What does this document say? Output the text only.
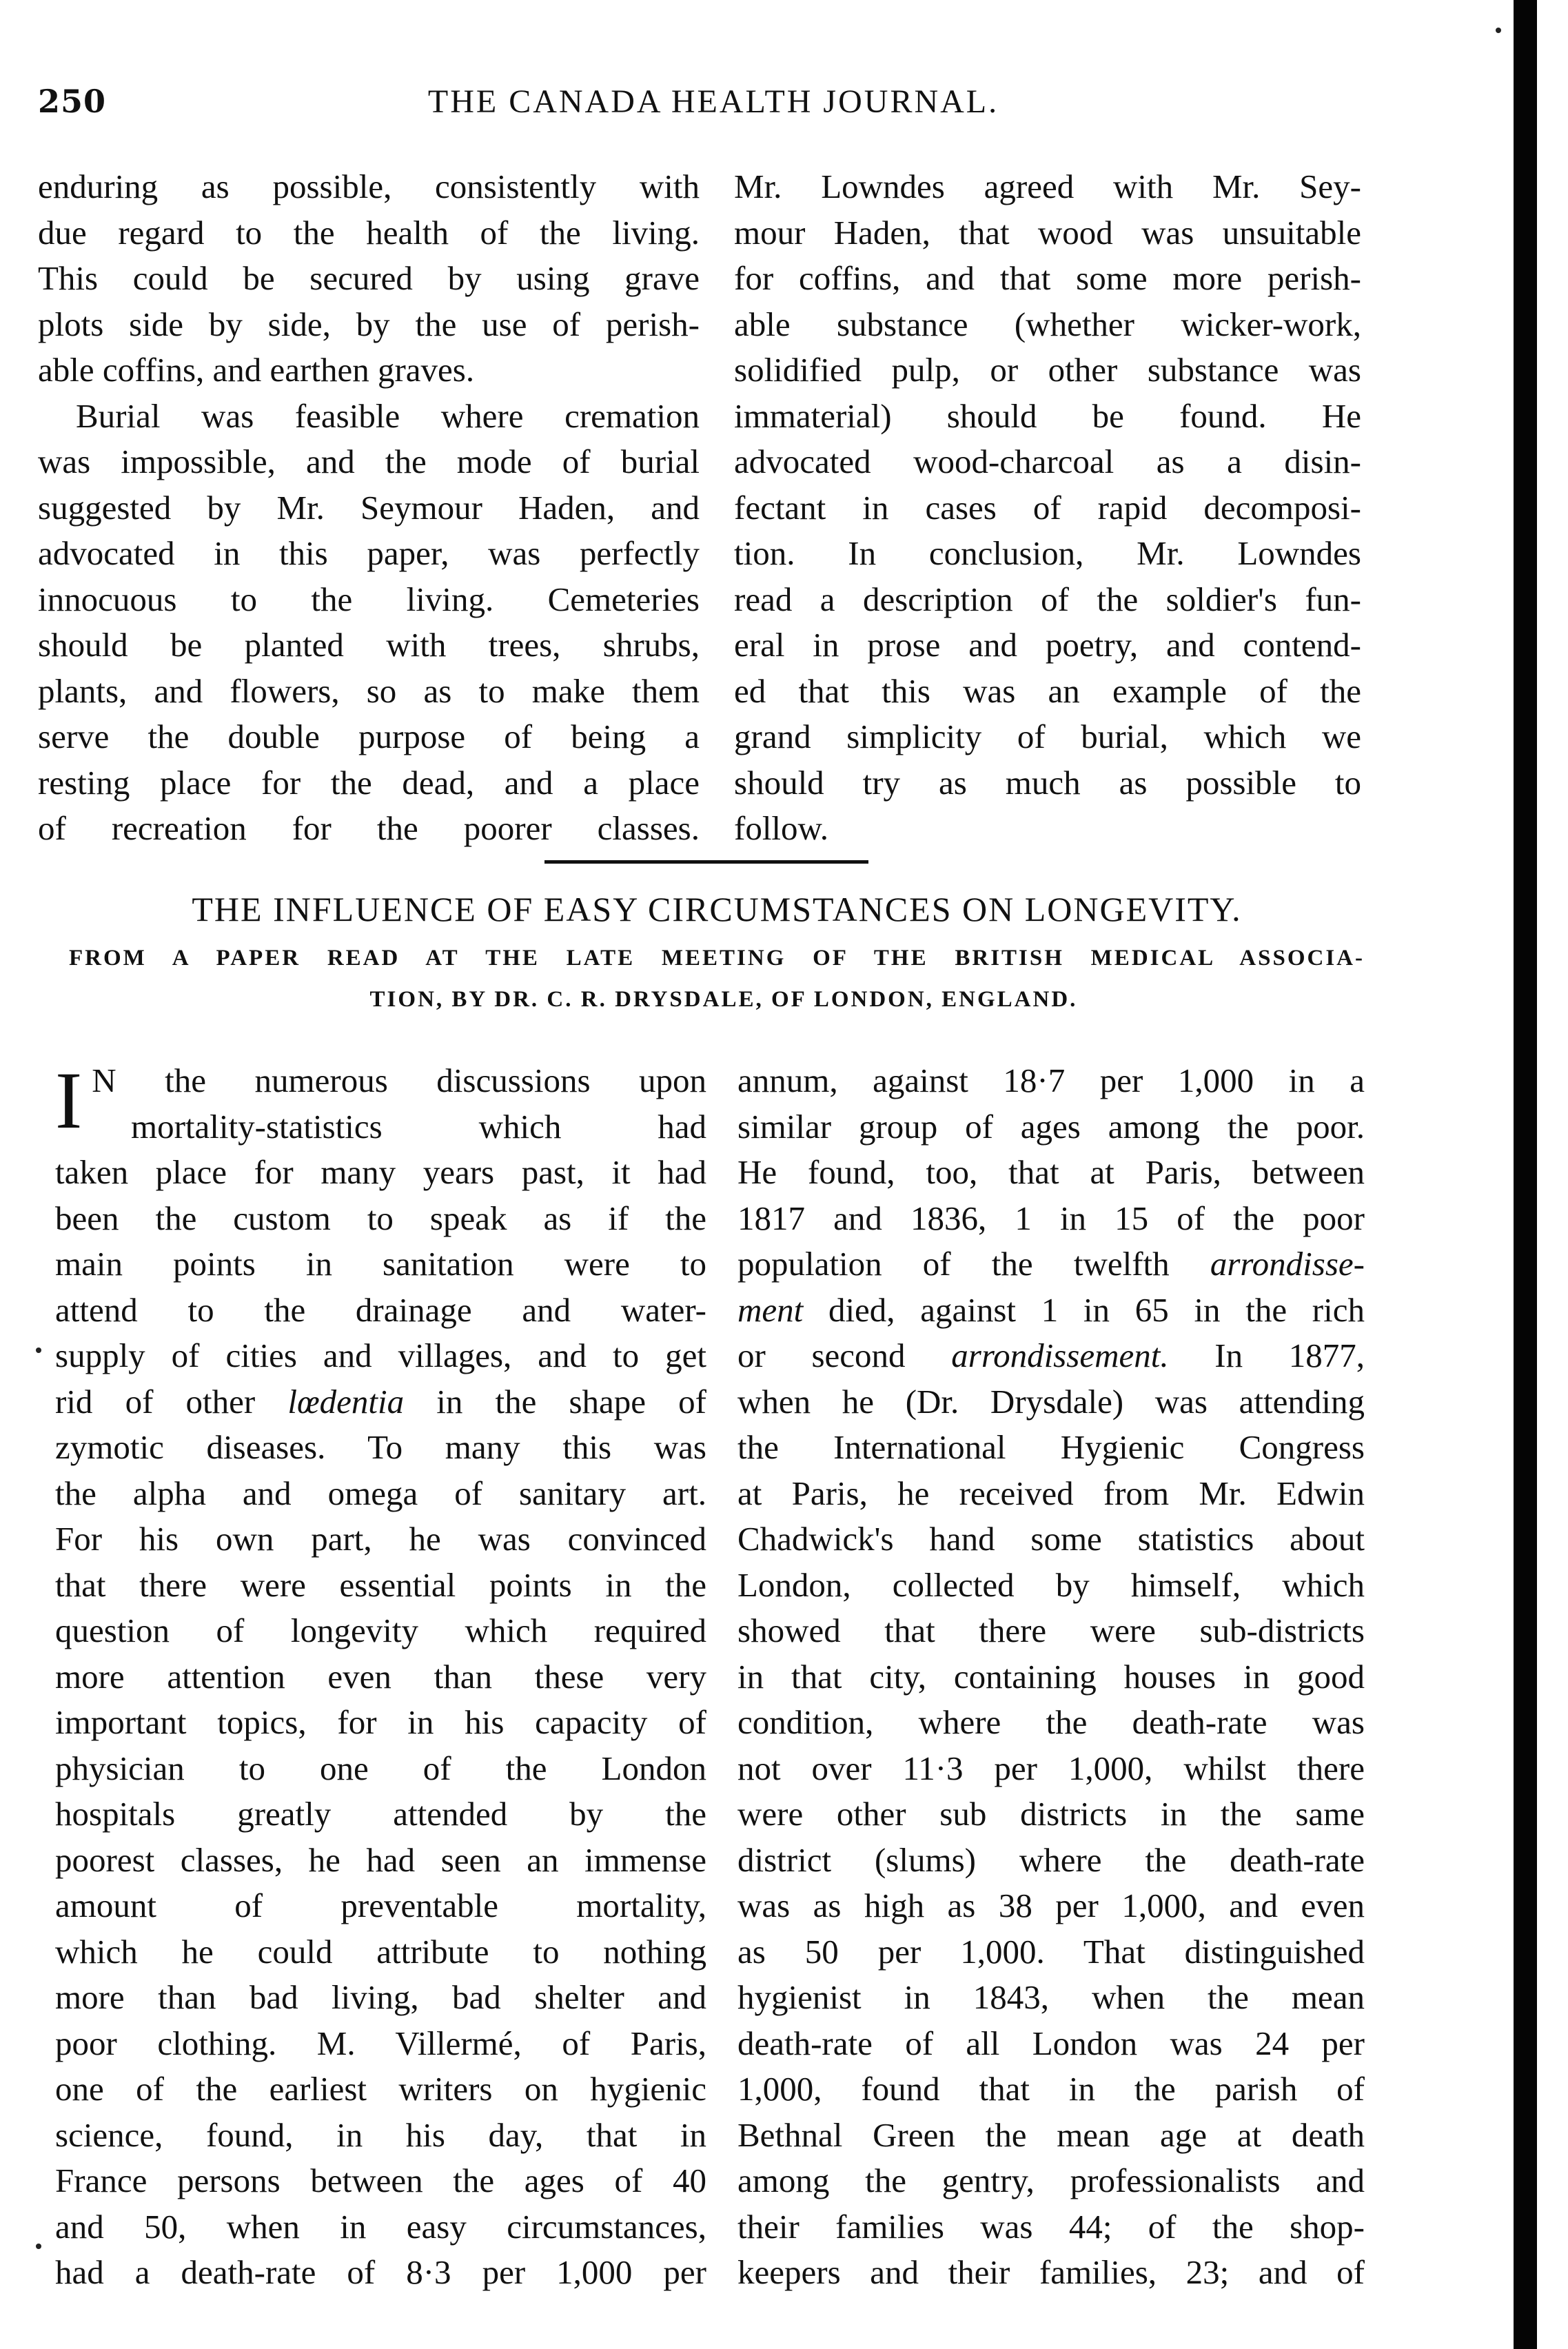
250	THE CANADA HEALTH JOURNAL.
enduring as possible, consistently with
due regard to the health of the living.
This could be secured by using grave
plots side by side, by the use of perish-
able coffins, and earthen graves.
Burial was feasible where cremation
was impossible, and the mode of burial
suggested by Mr. Seymour Haden, and
advocated in this paper, was perfectly
innocuous to the living. Cemeteries
should be planted with trees, shrubs,
plants, and flowers, so as to make them
serve the double purpose of being a
resting place for the dead, and a place
of recreation for the poorer classes.
Mr. Lowndes agreed with Mr. Sey-
mour Haden, that wood was unsuitable
for coffins, and that some more perish-
able substance (whether wicker-work,
solidified pulp, or other substance was
immaterial) should be found. He
advocated wood-charcoal as a disin-
fectant in cases of rapid decomposi-
tion. In conclusion, Mr. Lowndes
read a description of the soldier's fun-
eral in prose and poetry, and contend-
ed that this was an example of the
grand simplicity of burial, which we
should try as much as possible to
follow.
THE INFLUENCE OF EASY CIRCUMSTANCES ON LONGEVITY.
FROM A PAPER READ AT THE LATE MEETING OF THE BRITISH MEDICAL ASSOCIA-
TION, BY DR. C. R. DRYSDALE, OF LONDON, ENGLAND.
I N the numerous discussions upon
mortality-statistics which had
taken place for many years past, it had
been the custom to speak as if the
main points in sanitation were to
attend to the drainage and water-
supply of cities and villages, and to get
rid of other lœdentia in the shape of
zymotic diseases. To many this was
the alpha and omega of sanitary art.
For his own part, he was convinced
that there were essential points in the
question of longevity which required
more attention even than these very
important topics, for in his capacity of
physician to one of the London
hospitals greatly attended by the
poorest classes, he had seen an immense
amount of preventable mortality,
which he could attribute to nothing
more than bad living, bad shelter and
poor clothing. M. Villermé, of Paris,
one of the earliest writers on hygienic
science, found, in his day, that in
France persons between the ages of 40
and 50, when in easy circumstances,
had a death-rate of 8·3 per 1,000 per
annum, against 18·7 per 1,000 in a
similar group of ages among the poor.
He found, too, that at Paris, between
1817 and 1836, 1 in 15 of the poor
population of the twelfth arrondisse-
ment died, against 1 in 65 in the rich
or second arrondissement. In 1877,
when he (Dr. Drysdale) was attending
the International Hygienic Congress
at Paris, he received from Mr. Edwin
Chadwick's hand some statistics about
London, collected by himself, which
showed that there were sub-districts
in that city, containing houses in good
condition, where the death-rate was
not over 11·3 per 1,000, whilst there
were other sub districts in the same
district (slums) where the death-rate
was as high as 38 per 1,000, and even
as 50 per 1,000. That distinguished
hygienist in 1843, when the mean
death-rate of all London was 24 per
1,000, found that in the parish of
Bethnal Green the mean age at death
among the gentry, professionalists and
their families was 44; of the shop-
keepers and their families, 23; and of
